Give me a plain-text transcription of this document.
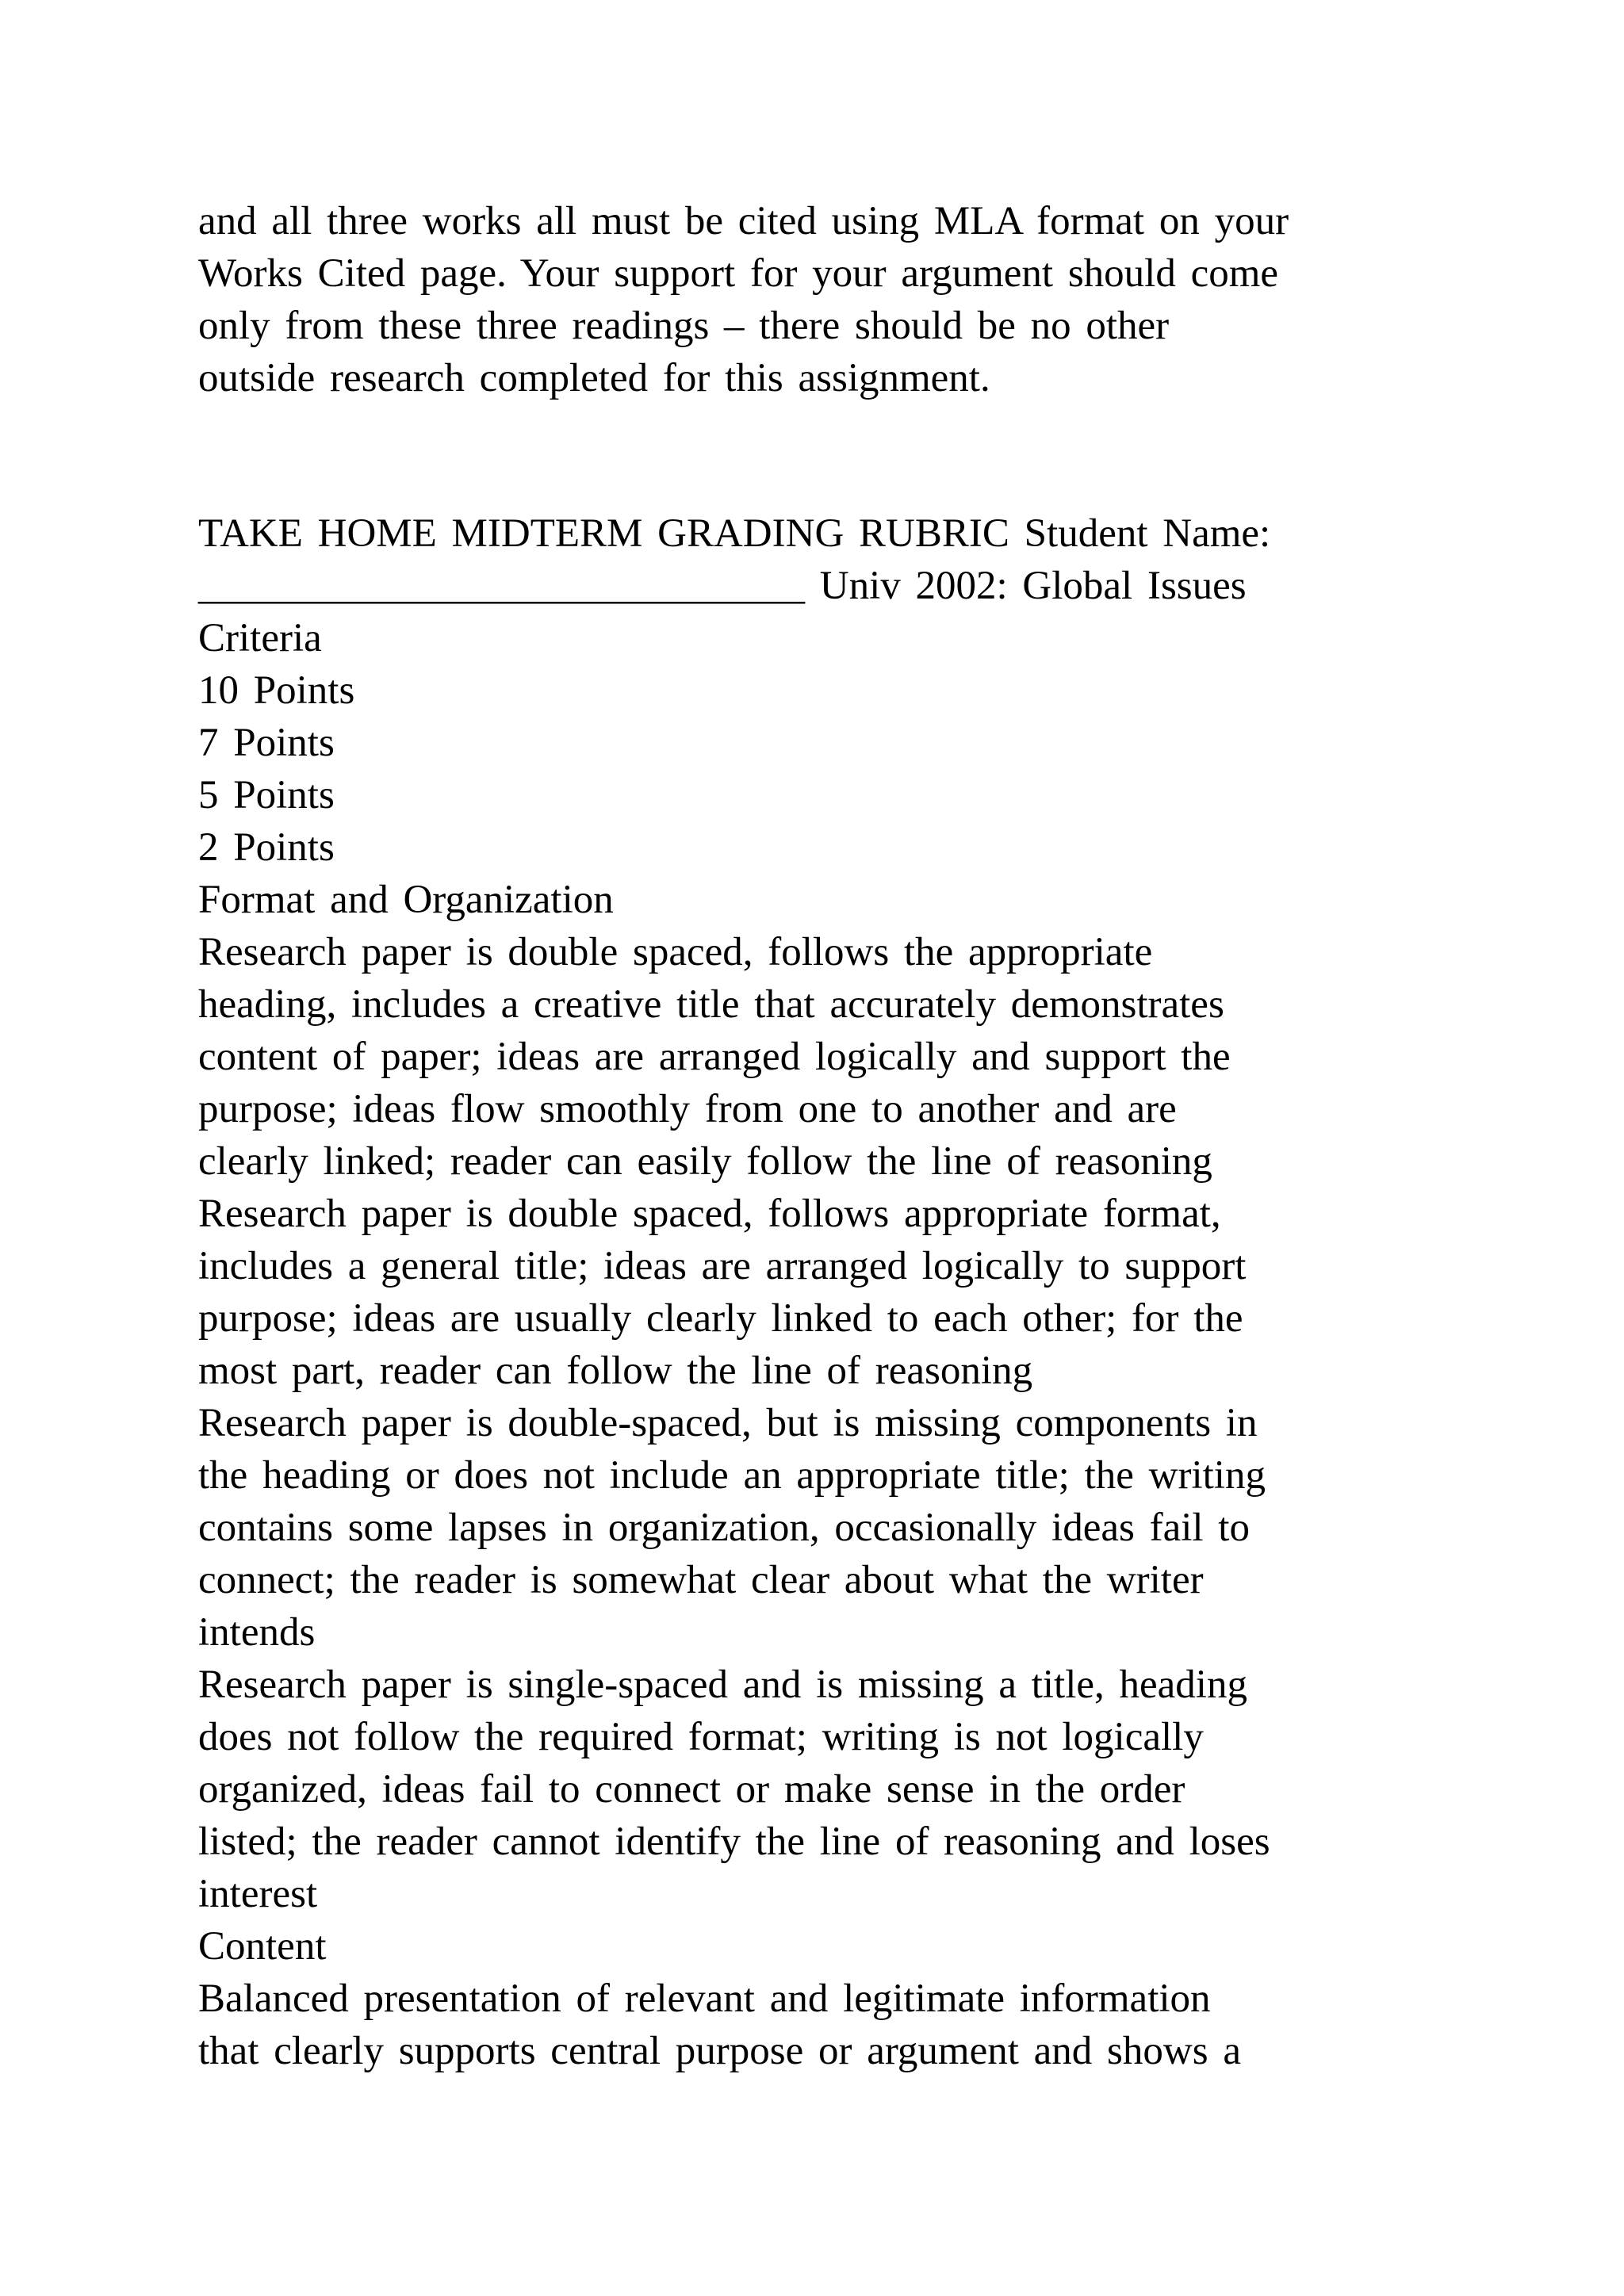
and all three works all must be cited using MLA format on your
Works Cited page. Your support for your argument should come
only from these three readings – there should be no other
outside research completed for this assignment.
TAKE HOME MIDTERM GRADING RUBRIC Student Name:
______________________________ Univ 2002: Global Issues
Criteria
10 Points
7 Points
5 Points
2 Points
Format and Organization
Research paper is double spaced, follows the appropriate
heading, includes a creative title that accurately demonstrates
content of paper; ideas are arranged logically and support the
purpose; ideas flow smoothly from one to another and are
clearly linked; reader can easily follow the line of reasoning
Research paper is double spaced, follows appropriate format,
includes a general title; ideas are arranged logically to support
purpose; ideas are usually clearly linked to each other; for the
most part, reader can follow the line of reasoning
Research paper is double-spaced, but is missing components in
the heading or does not include an appropriate title; the writing
contains some lapses in organization, occasionally ideas fail to
connect; the reader is somewhat clear about what the writer
intends
Research paper is single-spaced and is missing a title, heading
does not follow the required format; writing is not logically
organized, ideas fail to connect or make sense in the order
listed; the reader cannot identify the line of reasoning and loses
interest
Content
Balanced presentation of relevant and legitimate information
that clearly supports central purpose or argument and shows a
